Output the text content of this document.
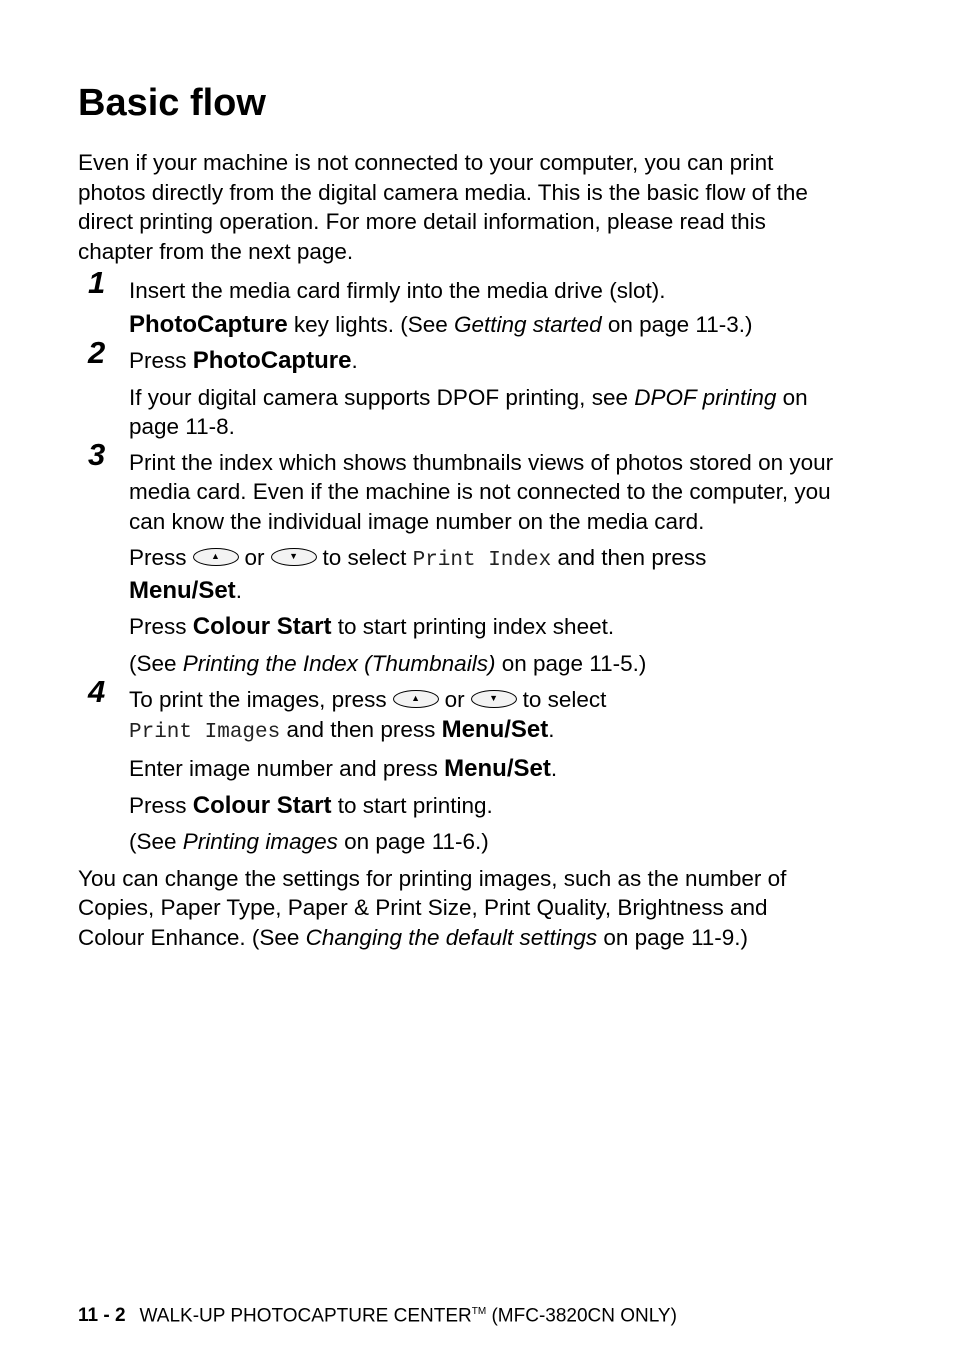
Basic flow

Even if your machine is not connected to your computer, you can print photos directly from the digital camera media. This is the basic flow of the direct printing operation. For more detail information, please read this chapter from the next page.

1 Insert the media card firmly into the media drive (slot).

PhotoCapture key lights. (See Getting started on page 11-3.)

2 Press PhotoCapture.

If your digital camera supports DPOF printing, see DPOF printing on page 11-8.

3 Print the index which shows thumbnails views of photos stored on your media card. Even if the machine is not connected to the computer, you can know the individual image number on the media card.

Press	▲	or	▼	to select Print Index and then press
Menu/Set.

Press Colour Start to start printing index sheet.

(See Printing the Index (Thumbnails) on page 11-5.)

4 To print the images, press	▲	or	▼	to select
Print Images and then press Menu/Set.

Enter image number and press Menu/Set.

Press Colour Start to start printing.

(See Printing images on page 11-6.)

You can change the settings for printing images, such as the number of Copies, Paper Type, Paper & Print Size, Print Quality, Brightness and Colour Enhance. (See Changing the default settings on page 11-9.)

11 - 2 WALK-UP PHOTOCAPTURE CENTER™ (MFC-3820CN ONLY)
